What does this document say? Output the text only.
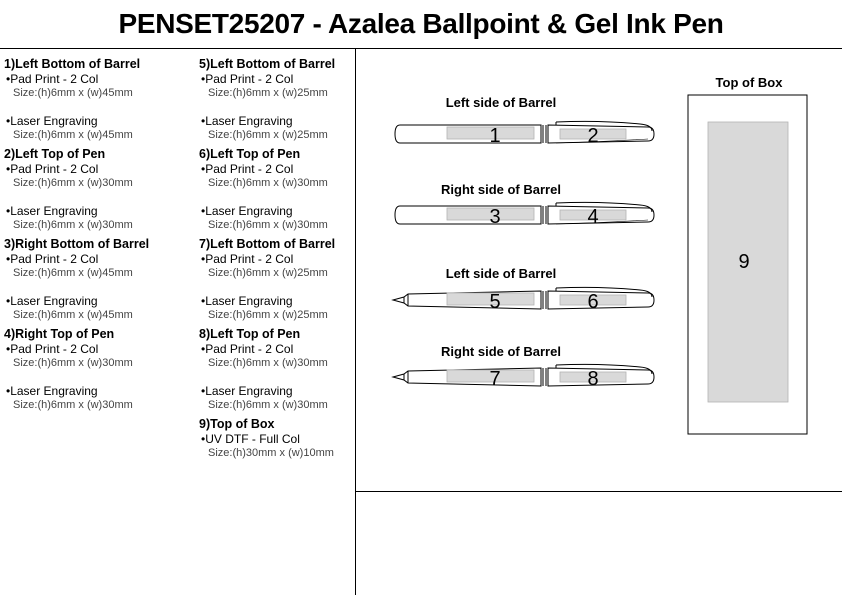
PENSET25207 - Azalea Ballpoint & Gel Ink Pen
1)Left Bottom of Barrel
•Pad Print - 2 Col
Size:(h)6mm x (w)45mm
•Laser Engraving
Size:(h)6mm x (w)45mm
2)Left Top of Pen
•Pad Print - 2 Col
Size:(h)6mm x (w)30mm
•Laser Engraving
Size:(h)6mm x (w)30mm
3)Right Bottom of Barrel
•Pad Print - 2 Col
Size:(h)6mm x (w)45mm
•Laser Engraving
Size:(h)6mm x (w)45mm
4)Right Top of Pen
•Pad Print - 2 Col
Size:(h)6mm x (w)30mm
•Laser Engraving
Size:(h)6mm x (w)30mm
5)Left Bottom of Barrel
•Pad Print - 2 Col
Size:(h)6mm x (w)25mm
•Laser Engraving
Size:(h)6mm x (w)25mm
6)Left Top of Pen
•Pad Print - 2 Col
Size:(h)6mm x (w)30mm
•Laser Engraving
Size:(h)6mm x (w)30mm
7)Left Bottom of Barrel
•Pad Print - 2 Col
Size:(h)6mm x (w)25mm
•Laser Engraving
Size:(h)6mm x (w)25mm
8)Left Top of Pen
•Pad Print - 2 Col
Size:(h)6mm x (w)30mm
•Laser Engraving
Size:(h)6mm x (w)30mm
9)Top of Box
•UV DTF - Full Col
Size:(h)30mm x (w)10mm
Left side of Barrel
1	2
Right side of Barrel
3	4
Left side of Barrel
5	6
Right side of Barrel
7	8
Top of Box
9
